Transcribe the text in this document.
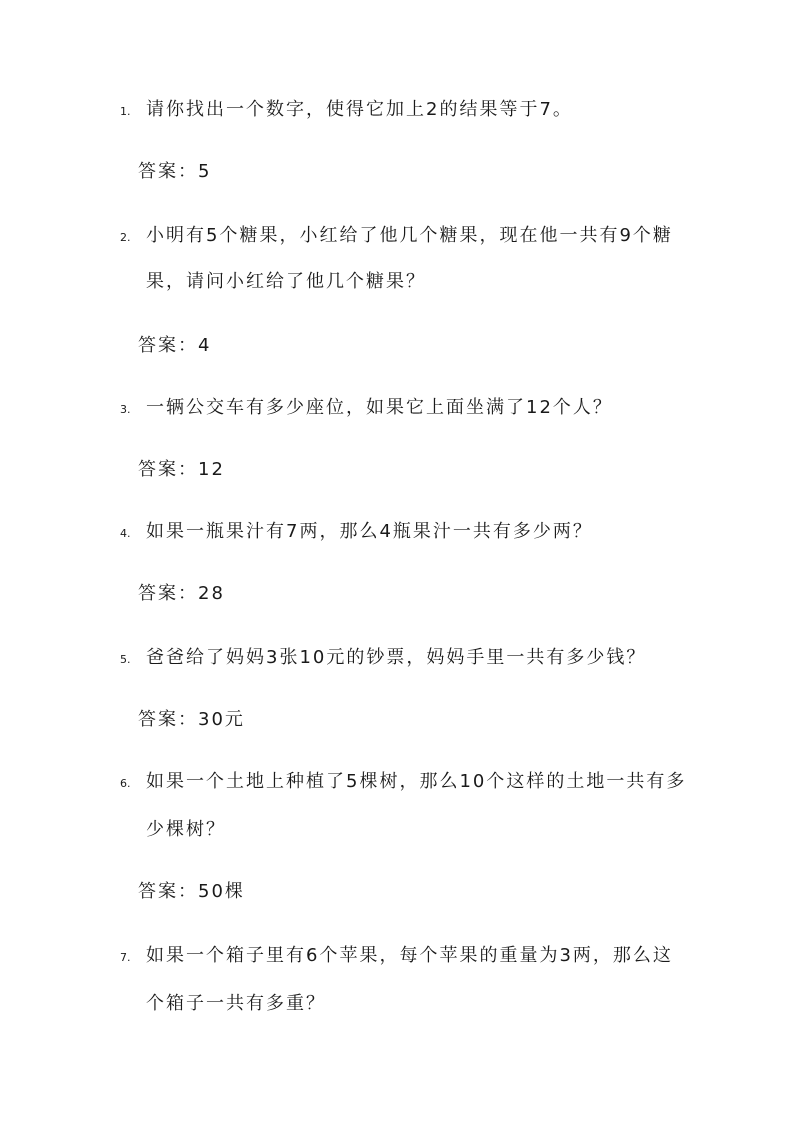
1. 请你找出一个数字，使得它加上2的结果等于7。
答案：5
2. 小明有5个糖果，小红给了他几个糖果，现在他一共有9个糖
果，请问小红给了他几个糖果？
答案：4
3. 一辆公交车有多少座位，如果它上面坐满了12个人？
答案：12
4. 如果一瓶果汁有7两，那么4瓶果汁一共有多少两？
答案：28
5. 爸爸给了妈妈3张10元的钞票，妈妈手里一共有多少钱？
答案：30元
6. 如果一个土地上种植了5棵树，那么10个这样的土地一共有多
少棵树？
答案：50棵
7. 如果一个箱子里有6个苹果，每个苹果的重量为3两，那么这
个箱子一共有多重？
